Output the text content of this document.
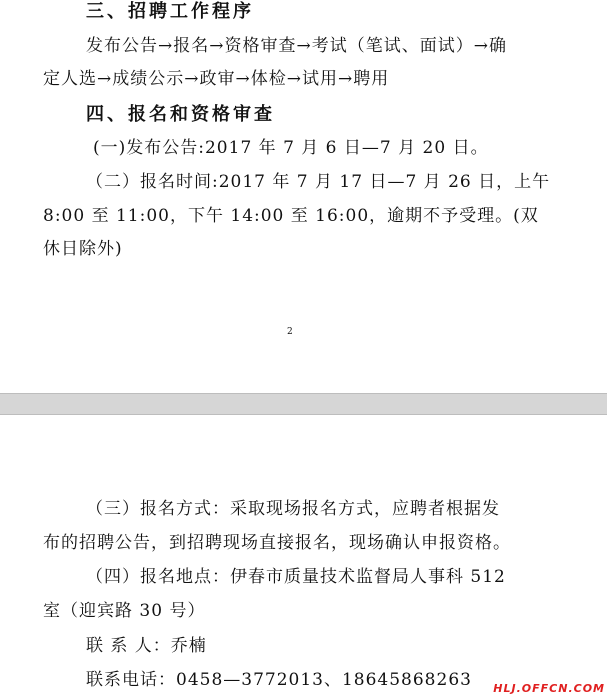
三、招聘工作程序
发布公告→报名→资格审查→考试（笔试、面试）→确
定人选→成绩公示→政审→体检→试用→聘用
四、报名和资格审查
(一)发布公告:2017 年 7 月 6 日—7 月 20 日。
（二）报名时间:2017 年 7 月 17 日—7 月 26 日，上午
8:00 至 11:00，下午 14:00 至 16:00，逾期不予受理。(双
休日除外)
2
（三）报名方式：采取现场报名方式，应聘者根据发
布的招聘公告，到招聘现场直接报名，现场确认申报资格。
（四）报名地点：伊春市质量技术监督局人事科 512
室（迎宾路 30 号）
联 系 人：乔楠
联系电话：0458—3772013、18645868263 HLJ.OFFCN.COM
